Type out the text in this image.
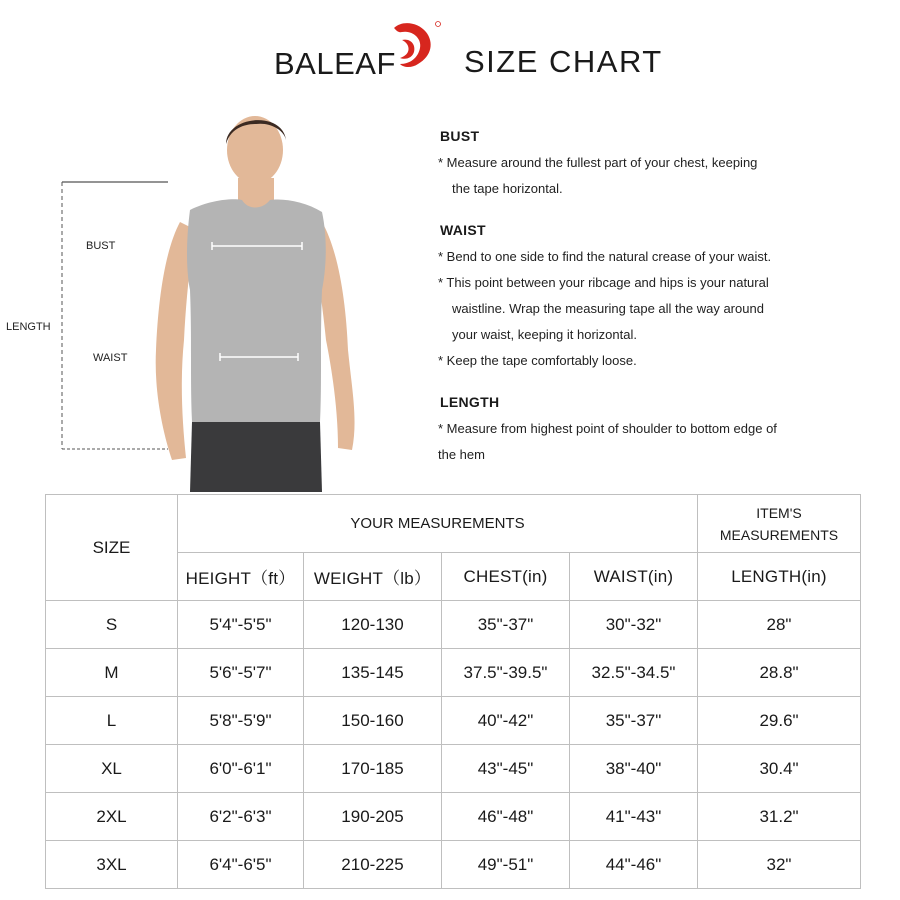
BALEAF SIZE CHART
BUST
WAIST
LENGTH
BUST
* Measure around the fullest part of your chest, keeping
the tape horizontal.
WAIST
* Bend to one side to find the natural crease of your waist.
* This point between your ribcage and hips is your natural
waistline. Wrap the measuring tape all the way around
your waist, keeping it horizontal.
* Keep the tape comfortably loose.
LENGTH
* Measure from highest point of shoulder to bottom edge of
the hem
SIZE	YOUR MEASUREMENTS				ITEM'S
MEASUREMENTS

	HEIGHT（ft）	WEIGHT（lb）	CHEST(in)	WAIST(in)	LENGTH(in)
S	5'4"-5'5"	120-130	35"-37"	30"-32"	28"
M	5'6"-5'7"	135-145	37.5"-39.5"	32.5"-34.5"	28.8"
L	5'8"-5'9"	150-160	40"-42"	35"-37"	29.6"
XL	6'0"-6'1"	170-185	43"-45"	38"-40"	30.4"
2XL	6'2"-6'3"	190-205	46"-48"	41"-43"	31.2"
3XL	6'4"-6'5"	210-225	49"-51"	44"-46"	32"
